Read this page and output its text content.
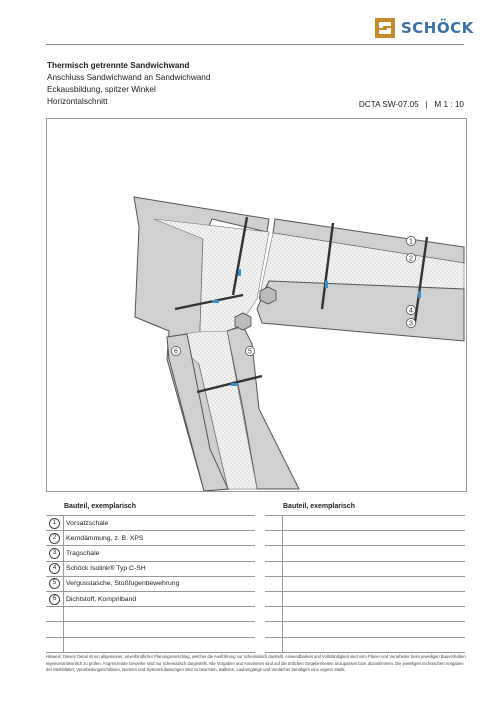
SCHÖCK
Thermisch getrennte Sandwichwand
Anschluss Sandwichwand an Sandwichwand
Eckausbildung, spitzer Winkel
Horizontalschnitt	DCTA SW-07.05   |   M 1 : 10
1
2
4
3
6	5
Bauteil, exemplarisch	
1	Vorsatzschale
2	Kerndämmung, z. B. XPS
3	Tragschale
4	Schöck Isolink® Typ C-SH
5	Vergusstasche, Stoßfugenbewehrung
6	Dichtstoff, Komprilband

Bauteil, exemplarisch	

Hinweis: Dieses Detail ist ein allgemeiner, unverbindlicher Planungsvorschlag, welcher die Ausführung nur schematisch darstellt. Anwendbarkeit und Vollständigkeit sind vom Planer und Verarbeiter beim jeweiligen Bauvorhaben eigenverantwortlich zu prüfen. Angrenzende Gewerke sind nur schematisch dargestellt. Alle Vorgaben und Annahmen sind auf die örtlichen Gegebenheiten anzupassen bzw. abzustimmen. Die jeweiligen technischen Vorgaben der Merkblätter, Verarbeitungsrichtlinien, Normen und Systemzulassungen sind zu beachten. Balkone, Laubengänge und Vordächer benötigen eine eigene Statik.
